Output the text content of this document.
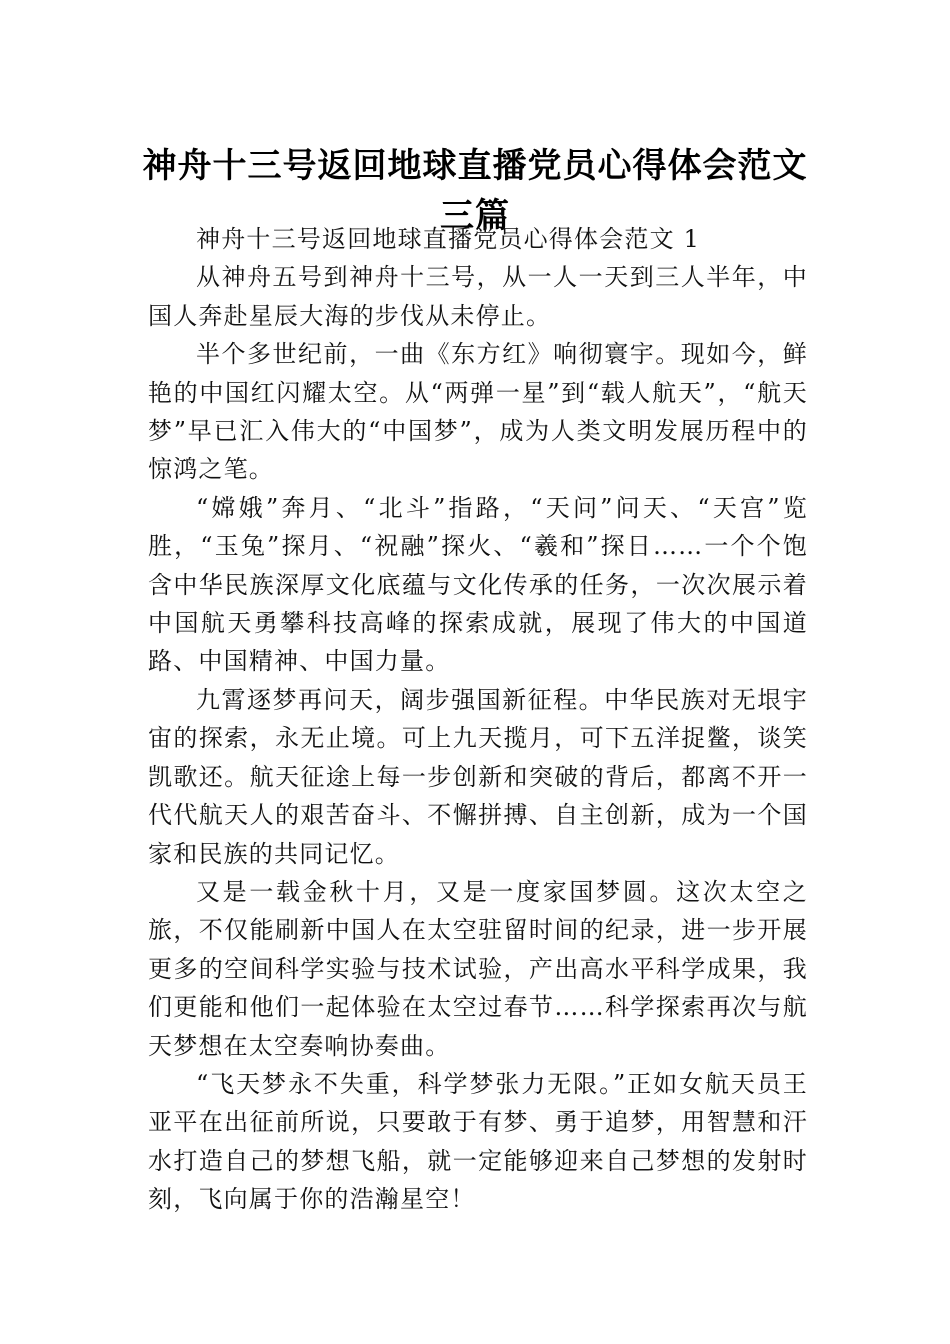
神舟十三号返回地球直播党员心得体会范文
三篇

神舟十三号返回地球直播党员心得体会范文 1

从神舟五号到神舟十三号，从一人一天到三人半年，中国人奔赴星辰大海的步伐从未停止。

半个多世纪前，一曲《东方红》响彻寰宇。现如今，鲜艳的中国红闪耀太空。从“两弹一星”到“载人航天”，“航天梦”早已汇入伟大的“中国梦”，成为人类文明发展历程中的惊鸿之笔。

“嫦娥”奔月、“北斗”指路，“天问”问天、“天宫”览胜，“玉兔”探月、“祝融”探火、“羲和”探日……一个个饱含中华民族深厚文化底蕴与文化传承的任务，一次次展示着中国航天勇攀科技高峰的探索成就，展现了伟大的中国道路、中国精神、中国力量。

九霄逐梦再问天，阔步强国新征程。中华民族对无垠宇宙的探索，永无止境。可上九天揽月，可下五洋捉鳖，谈笑凯歌还。航天征途上每一步创新和突破的背后，都离不开一代代航天人的艰苦奋斗、不懈拼搏、自主创新，成为一个国家和民族的共同记忆。

又是一载金秋十月，又是一度家国梦圆。这次太空之旅，不仅能刷新中国人在太空驻留时间的纪录，进一步开展更多的空间科学实验与技术试验，产出高水平科学成果，我们更能和他们一起体验在太空过春节……科学探索再次与航天梦想在太空奏响协奏曲。

“飞天梦永不失重，科学梦张力无限。”正如女航天员王亚平在出征前所说，只要敢于有梦、勇于追梦，用智慧和汗水打造自己的梦想飞船，就一定能够迎来自己梦想的发射时刻，飞向属于你的浩瀚星空！
